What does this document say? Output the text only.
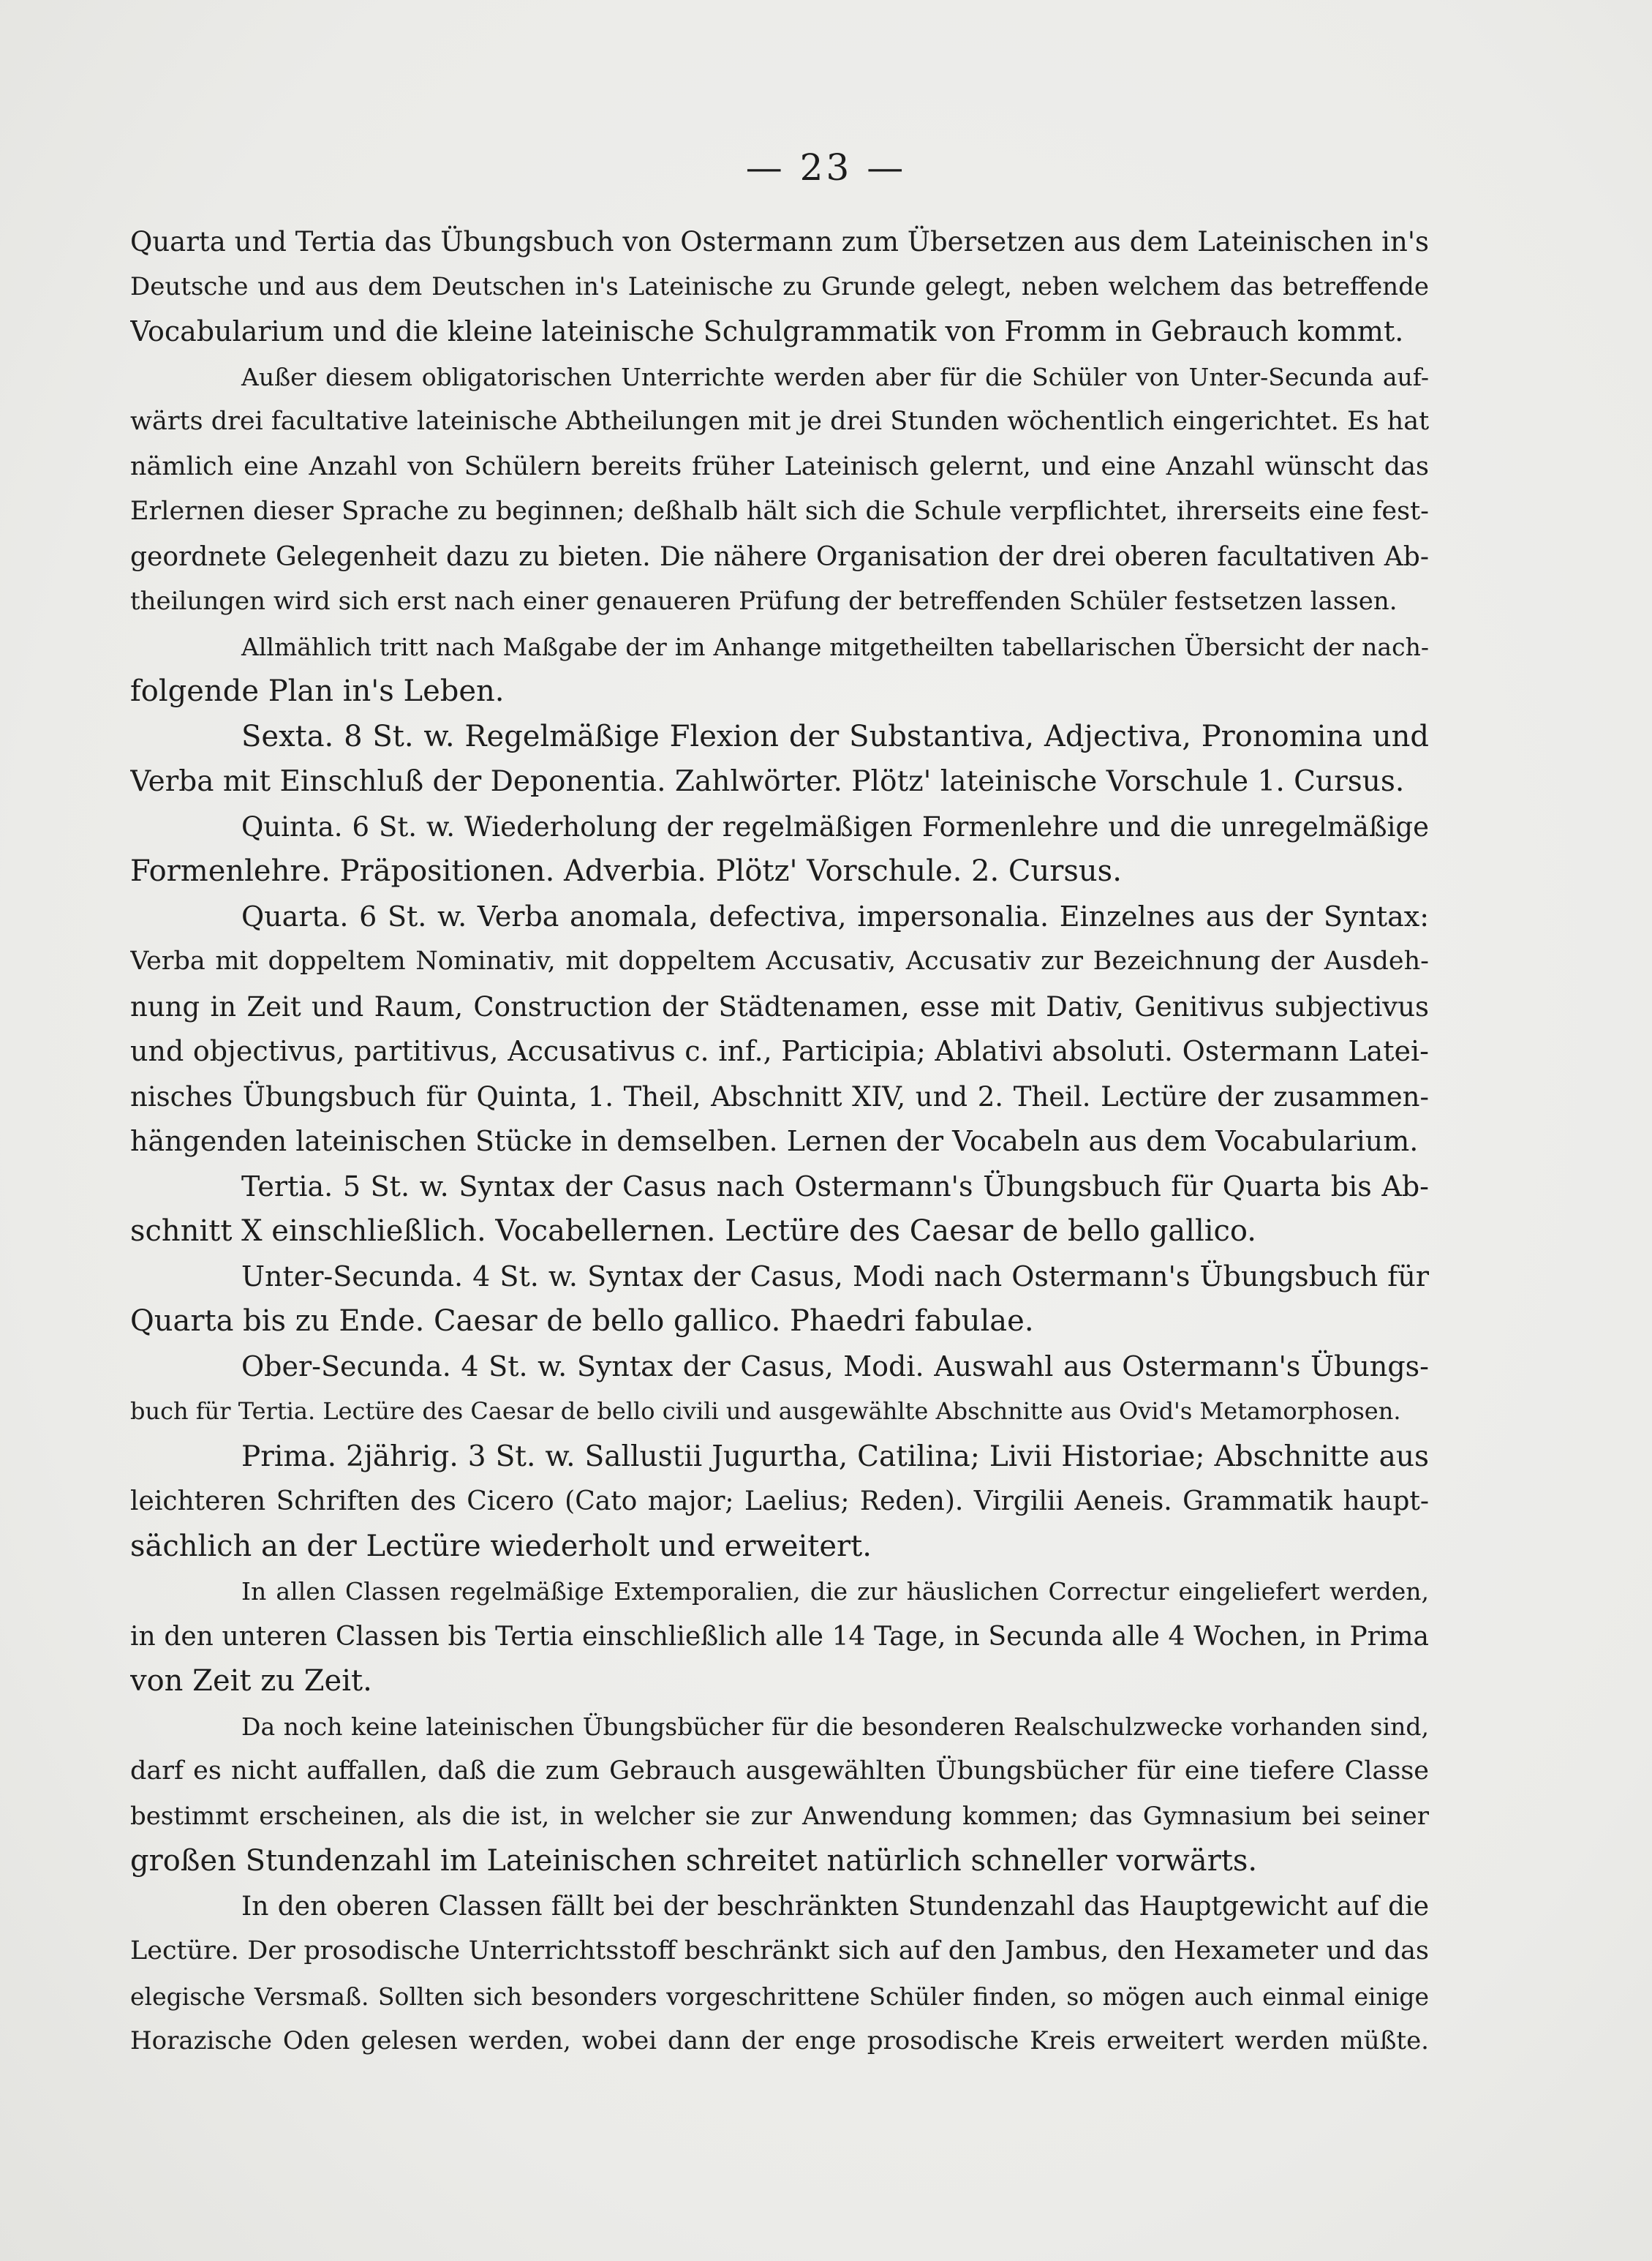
— 23 —
Quarta und Tertia das Übungsbuch von Ostermann zum Übersetzen aus dem Lateinischen in's
Deutsche und aus dem Deutschen in's Lateinische zu Grunde gelegt, neben welchem das betreffende
Vocabularium und die kleine lateinische Schulgrammatik von Fromm in Gebrauch kommt.
Außer diesem obligatorischen Unterrichte werden aber für die Schüler von Unter-Secunda auf-
wärts drei facultative lateinische Abtheilungen mit je drei Stunden wöchentlich eingerichtet. Es hat
nämlich eine Anzahl von Schülern bereits früher Lateinisch gelernt, und eine Anzahl wünscht das
Erlernen dieser Sprache zu beginnen; deßhalb hält sich die Schule verpflichtet, ihrerseits eine fest-
geordnete Gelegenheit dazu zu bieten. Die nähere Organisation der drei oberen facultativen Ab-
theilungen wird sich erst nach einer genaueren Prüfung der betreffenden Schüler festsetzen lassen.
Allmählich tritt nach Maßgabe der im Anhange mitgetheilten tabellarischen Übersicht der nach-
folgende Plan in's Leben.
Sexta. 8 St. w. Regelmäßige Flexion der Substantiva, Adjectiva, Pronomina und
Verba mit Einschluß der Deponentia. Zahlwörter. Plötz' lateinische Vorschule 1. Cursus.
Quinta. 6 St. w. Wiederholung der regelmäßigen Formenlehre und die unregelmäßige
Formenlehre. Präpositionen. Adverbia. Plötz' Vorschule. 2. Cursus.
Quarta. 6 St. w. Verba anomala, defectiva, impersonalia. Einzelnes aus der Syntax:
Verba mit doppeltem Nominativ, mit doppeltem Accusativ, Accusativ zur Bezeichnung der Ausdeh-
nung in Zeit und Raum, Construction der Städtenamen, esse mit Dativ, Genitivus subjectivus
und objectivus, partitivus, Accusativus c. inf., Participia; Ablativi absoluti. Ostermann Latei-
nisches Übungsbuch für Quinta, 1. Theil, Abschnitt XIV, und 2. Theil. Lectüre der zusammen-
hängenden lateinischen Stücke in demselben. Lernen der Vocabeln aus dem Vocabularium.
Tertia. 5 St. w. Syntax der Casus nach Ostermann's Übungsbuch für Quarta bis Ab-
schnitt X einschließlich. Vocabellernen. Lectüre des Caesar de bello gallico.
Unter-Secunda. 4 St. w. Syntax der Casus, Modi nach Ostermann's Übungsbuch für
Quarta bis zu Ende. Caesar de bello gallico. Phaedri fabulae.
Ober-Secunda. 4 St. w. Syntax der Casus, Modi. Auswahl aus Ostermann's Übungs-
buch für Tertia. Lectüre des Caesar de bello civili und ausgewählte Abschnitte aus Ovid's Metamorphosen.
Prima. 2jährig. 3 St. w. Sallustii Jugurtha, Catilina; Livii Historiae; Abschnitte aus
leichteren Schriften des Cicero (Cato major; Laelius; Reden). Virgilii Aeneis. Grammatik haupt-
sächlich an der Lectüre wiederholt und erweitert.
In allen Classen regelmäßige Extemporalien, die zur häuslichen Correctur eingeliefert werden,
in den unteren Classen bis Tertia einschließlich alle 14 Tage, in Secunda alle 4 Wochen, in Prima
von Zeit zu Zeit.
Da noch keine lateinischen Übungsbücher für die besonderen Realschulzwecke vorhanden sind,
darf es nicht auffallen, daß die zum Gebrauch ausgewählten Übungsbücher für eine tiefere Classe
bestimmt erscheinen, als die ist, in welcher sie zur Anwendung kommen; das Gymnasium bei seiner
großen Stundenzahl im Lateinischen schreitet natürlich schneller vorwärts.
In den oberen Classen fällt bei der beschränkten Stundenzahl das Hauptgewicht auf die
Lectüre. Der prosodische Unterrichtsstoff beschränkt sich auf den Jambus, den Hexameter und das
elegische Versmaß. Sollten sich besonders vorgeschrittene Schüler finden, so mögen auch einmal einige
Horazische Oden gelesen werden, wobei dann der enge prosodische Kreis erweitert werden müßte.
